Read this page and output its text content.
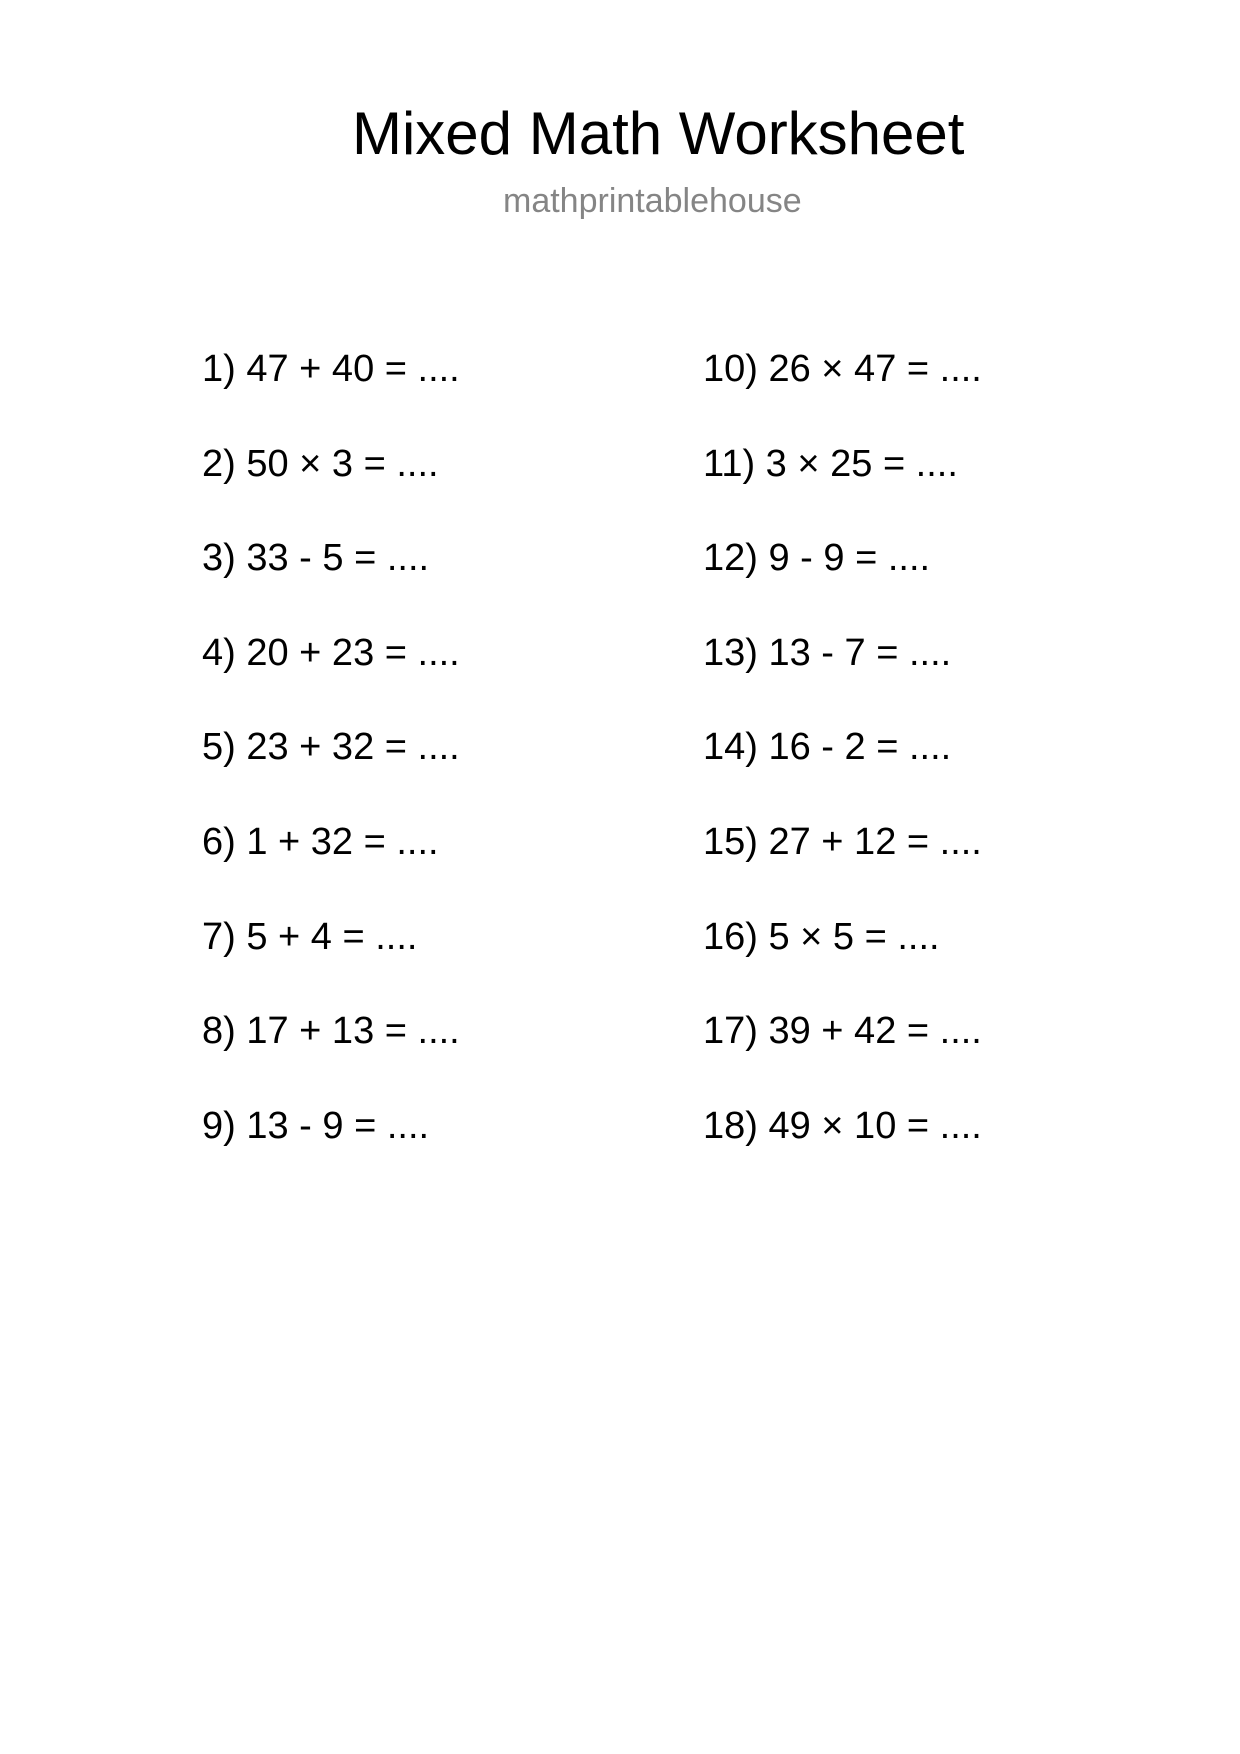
Mixed Math Worksheet
mathprintablehouse
1) 47 + 40 = ....
2) 50 × 3 = ....
3) 33 - 5 = ....
4) 20 + 23 = ....
5) 23 + 32 = ....
6) 1 + 32 = ....
7) 5 + 4 = ....
8) 17 + 13 = ....
9) 13 - 9 = ....
10) 26 × 47 = ....
11) 3 × 25 = ....
12) 9 - 9 = ....
13) 13 - 7 = ....
14) 16 - 2 = ....
15) 27 + 12 = ....
16) 5 × 5 = ....
17) 39 + 42 = ....
18) 49 × 10 = ....
